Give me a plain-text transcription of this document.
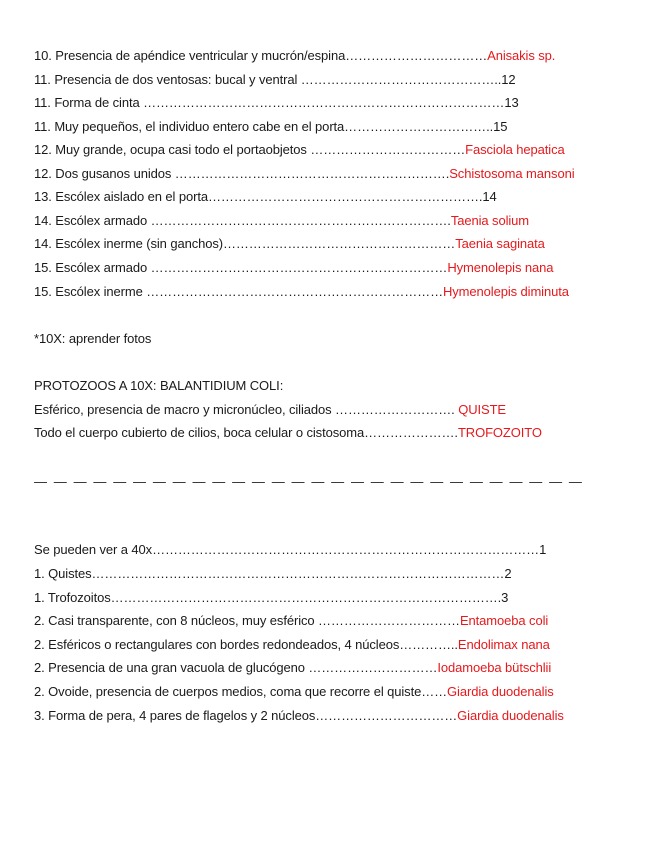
10. Presencia de apéndice ventricular y mucrón/espina……………………………Anisakis sp.
11. Presencia de dos ventosas: bucal y ventral ………………………………………..12
11. Forma de cinta …………………………………………………………………………13
11. Muy pequeños, el individuo entero cabe en el porta……………………………..15
12. Muy grande, ocupa casi todo el portaobjetos ………………………………Fasciola hepatica
12. Dos gusanos unidos ……………………………………………………….Schistosoma mansoni
13. Escólex aislado en el porta……………………………………………………….14
14. Escólex armado …………………………………………………………….Taenia solium
14. Escólex inerme (sin ganchos)………………………………………………Taenia saginata
15. Escólex armado ……………………………………………………………Hymenolepis nana
15. Escólex inerme ……………………………………………………………Hymenolepis diminuta
*10X: aprender fotos
PROTOZOOS A 10X: BALANTIDIUM COLI:
Esférico, presencia de macro y micronúcleo, ciliados ………………………. QUISTE
Todo el cuerpo cubierto de cilios, boca celular o cistosoma………………….TROFOZOITO
— — — — — — — — — — — — — — — — — — — — — — — — — — — —
Se pueden ver a 40x………………………………………………………………………………1
1. Quistes……………………………………………………………………………………2
1. Trofozoitos……………………………………………………………………………….3
2. Casi transparente, con 8 núcleos, muy esférico ……………………………Entamoeba coli
2. Esféricos o rectangulares con bordes redondeados, 4 núcleos…………..Endolimax nana
2. Presencia de una gran vacuola de glucógeno …………………………Iodamoeba bütschlii
2. Ovoide, presencia de cuerpos medios, coma que recorre el quiste……Giardia duodenalis
3. Forma de pera, 4 pares de flagelos y 2 núcleos……………………………Giardia duodenalis
